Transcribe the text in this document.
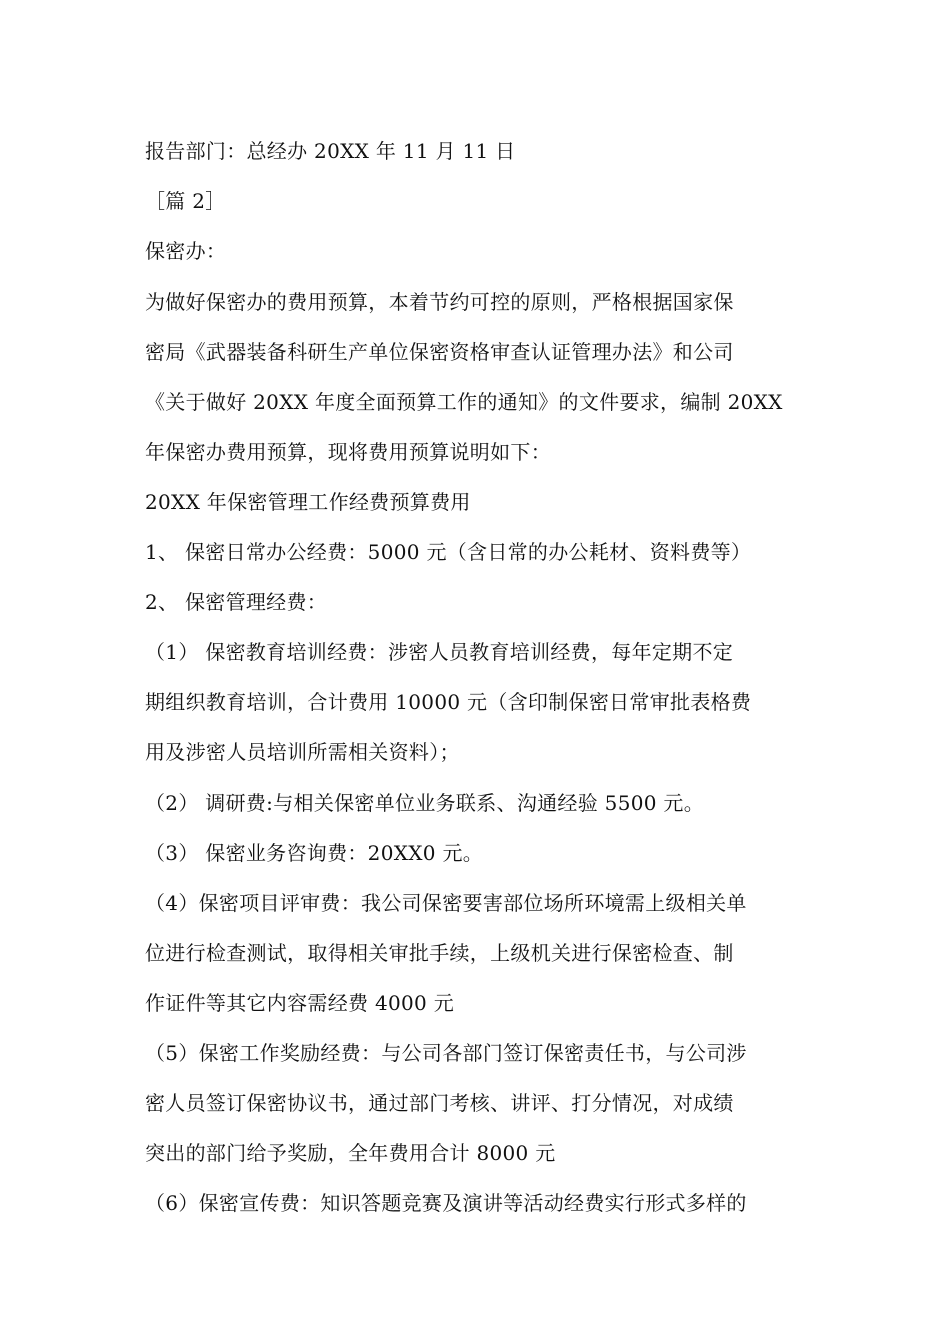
报告部门：总经办 20XX 年 11 月 11 日
［篇 2］
保密办：
为做好保密办的费用预算，本着节约可控的原则，严格根据国家保
密局《武器装备科研生产单位保密资格审查认证管理办法》和公司
《关于做好 20XX 年度全面预算工作的通知》的文件要求，编制 20XX
年保密办费用预算，现将费用预算说明如下：
20XX 年保密管理工作经费预算费用
1、 保密日常办公经费：5000 元（含日常的办公耗材、资料费等）
2、 保密管理经费：
（1） 保密教育培训经费：涉密人员教育培训经费，每年定期不定
期组织教育培训，合计费用 10000 元（含印制保密日常审批表格费
用及涉密人员培训所需相关资料）；
（2） 调研费:与相关保密单位业务联系、沟通经验 5500 元。
（3） 保密业务咨询费：20XX0 元。
（4）保密项目评审费：我公司保密要害部位场所环境需上级相关单
位进行检查测试，取得相关审批手续，上级机关进行保密检查、制
作证件等其它内容需经费 4000 元
（5）保密工作奖励经费：与公司各部门签订保密责任书，与公司涉
密人员签订保密协议书，通过部门考核、讲评、打分情况，对成绩
突出的部门给予奖励，全年费用合计 8000 元
（6）保密宣传费：知识答题竞赛及演讲等活动经费实行形式多样的
